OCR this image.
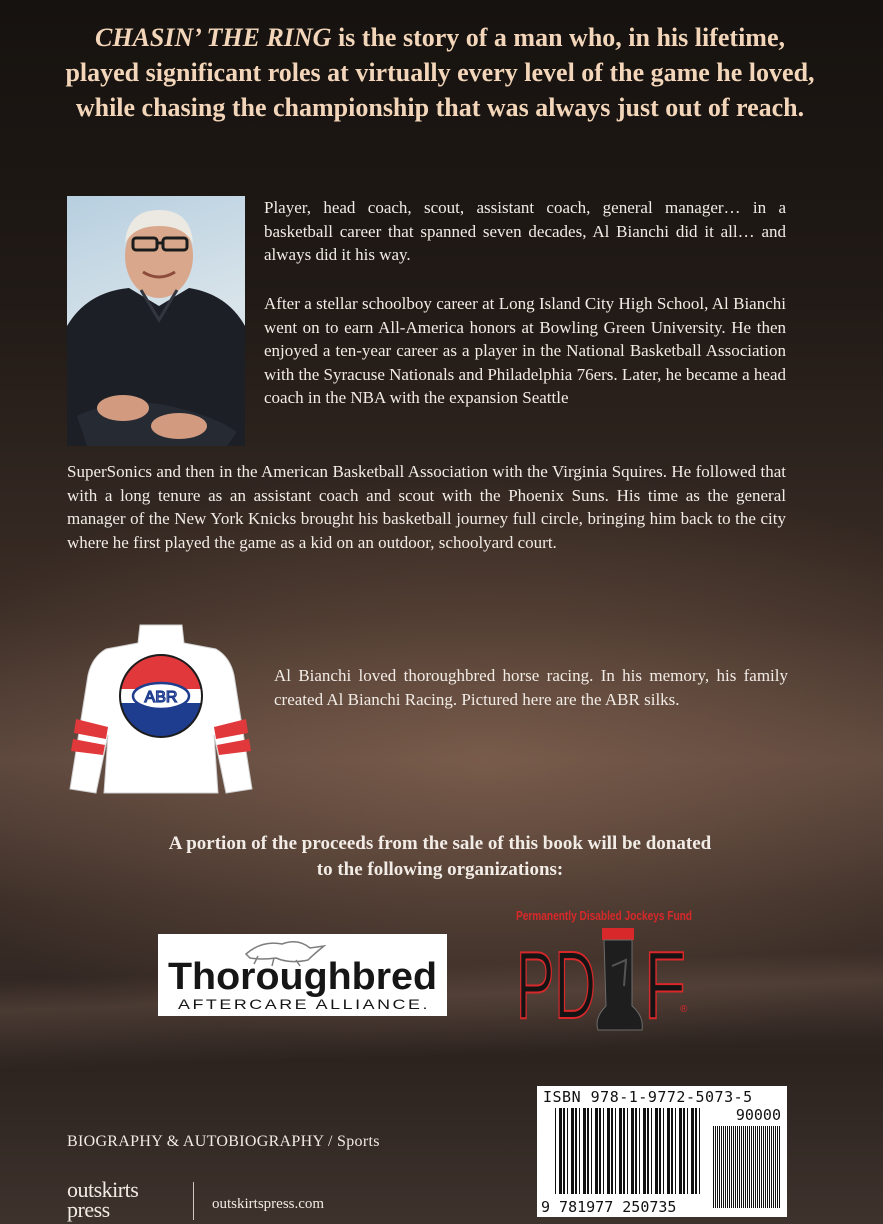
CHASIN’ THE RING is the story of a man who, in his lifetime, played significant roles at virtually every level of the game he loved, while chasing the championship that was always just out of reach.

Player, head coach, scout, assistant coach, general manager… in a basketball career that spanned seven decades, Al Bianchi did it all… and always did it his way.

After a stellar schoolboy career at Long Island City High School, Al Bianchi went on to earn All-America honors at Bowling Green University. He then enjoyed a ten-year career as a player in the National Basketball Association with the Syracuse Nationals and Philadelphia 76ers. Later, he became a head coach in the NBA with the expansion Seattle

SuperSonics and then in the American Basketball Association with the Virginia Squires. He followed that with a long tenure as an assistant coach and scout with the Phoenix Suns. His time as the general manager of the New York Knicks brought his basketball journey full circle, bringing him back to the city where he first played the game as a kid on an outdoor, schoolyard court.

ABR
Al Bianchi loved thoroughbred horse racing. In his memory, his family created Al Bianchi Racing. Pictured here are the ABR silks.
A portion of the proceeds from the sale of this book will be donated
to the following organizations:
Thoroughbred
AFTERCARE ALLIANCE.
Permanently Disabled Jockeys Fund
PD F
®
ISBN 978-1-9772-5073-5
90000
9 781977 250735
BIOGRAPHY & AUTOBIOGRAPHY / Sports
outskirts
press	outskirtspress.com
